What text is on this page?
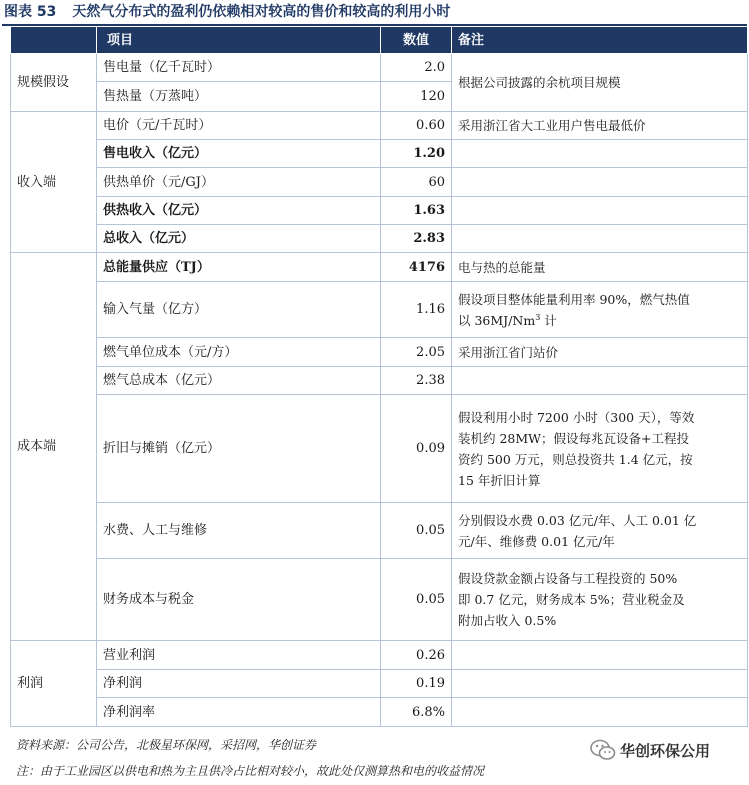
图表 53 天然气分布式的盈利仍依赖相对较高的售价和较高的利用小时
	项目	数值	备注
规模假设	售电量（亿千瓦时）	2.0	根据公司披露的余杭项目规模
	售热量（万蒸吨）	120	
收入端	电价（元/千瓦时）	0.60	采用浙江省大工业用户售电最低价
	售电收入（亿元）	1.20	
	供热单价（元/GJ）	60	
	供热收入（亿元）	1.63	
	总收入（亿元）	2.83	
成本端	总能量供应（TJ）	4176	电与热的总能量
	输入气量（亿方）	1.16	假设项目整体能量利用率 90%，燃气热值
以 36MJ/Nm$^3$ 计
	燃气单位成本（元/方）	2.05	采用浙江省门站价
	燃气总成本（亿元）	2.38	
	折旧与摊销（亿元）	0.09	假设利用小时 7200 小时（300 天），等效
装机约 28MW；假设每兆瓦设备+工程投
资约 500 万元，则总投资共 1.4 亿元，按
15 年折旧计算
	水费、人工与维修	0.05	分别假设水费 0.03 亿元/年、人工 0.01 亿
元/年、维修费 0.01 亿元/年
	财务成本与税金	0.05	假设贷款金额占设备与工程投资的 50%
即 0.7 亿元，财务成本 5%；营业税金及
附加占收入 0.5%
利润	营业利润	0.26	
	净利润	0.19	
	净利润率	6.8%	
资料来源：公司公告，北极星环保网，采招网，华创证券
注：由于工业园区以供电和热为主且供冷占比相对较小，故此处仅测算热和电的收益情况
华创环保公用
